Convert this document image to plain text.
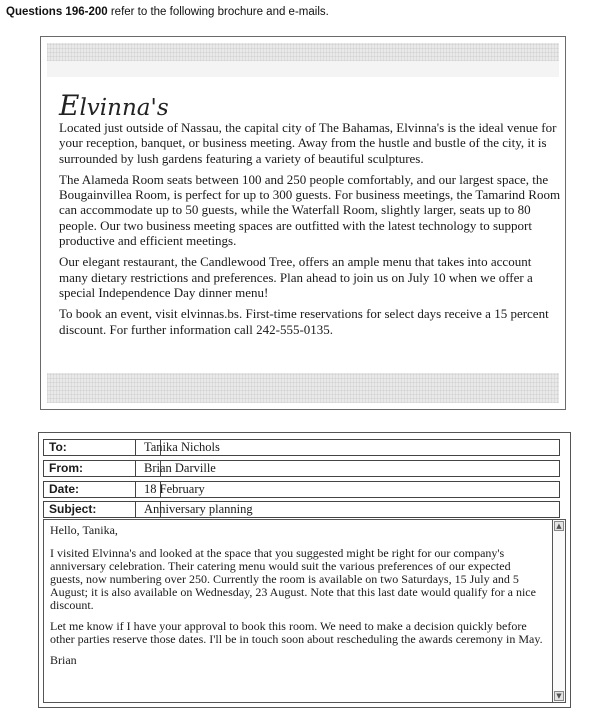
Questions 196-200 refer to the following brochure and e-mails.
Elvinna's

Located just outside of Nassau, the capital city of The Bahamas, Elvinna's is the ideal venue for your reception, banquet, or business meeting. Away from the hustle and bustle of the city, it is surrounded by lush gardens featuring a variety of beautiful sculptures.

The Alameda Room seats between 100 and 250 people comfortably, and our largest space, the Bougainvillea Room, is perfect for up to 300 guests. For business meetings, the Tamarind Room can accommodate up to 50 guests, while the Waterfall Room, slightly larger, seats up to 80 people. Our two business meeting spaces are outfitted with the latest technology to support productive and efficient meetings.

Our elegant restaurant, the Candlewood Tree, offers an ample menu that takes into account many dietary restrictions and preferences. Plan ahead to join us on July 10 when we offer a special Independence Day dinner menu!

To book an event, visit elvinnas.bs. First-time reservations for select days receive a 15 percent discount. For further information call 242-555-0135.

To:	Tanika Nichols
From:	Brian Darville
Date:	18 February
Subject:	Anniversary planning

Hello, Tanika,

I visited Elvinna's and looked at the space that you suggested might be right for our company's anniversary celebration. Their catering menu would suit the various preferences of our expected guests, now numbering over 250. Currently the room is available on two Saturdays, 15 July and 5 August; it is also available on Wednesday, 23 August. Note that this last date would qualify for a nice discount.

Let me know if I have your approval to book this room. We need to make a decision quickly before other parties reserve those dates. I'll be in touch soon about rescheduling the awards ceremony in May.

Brian

▲
▼
